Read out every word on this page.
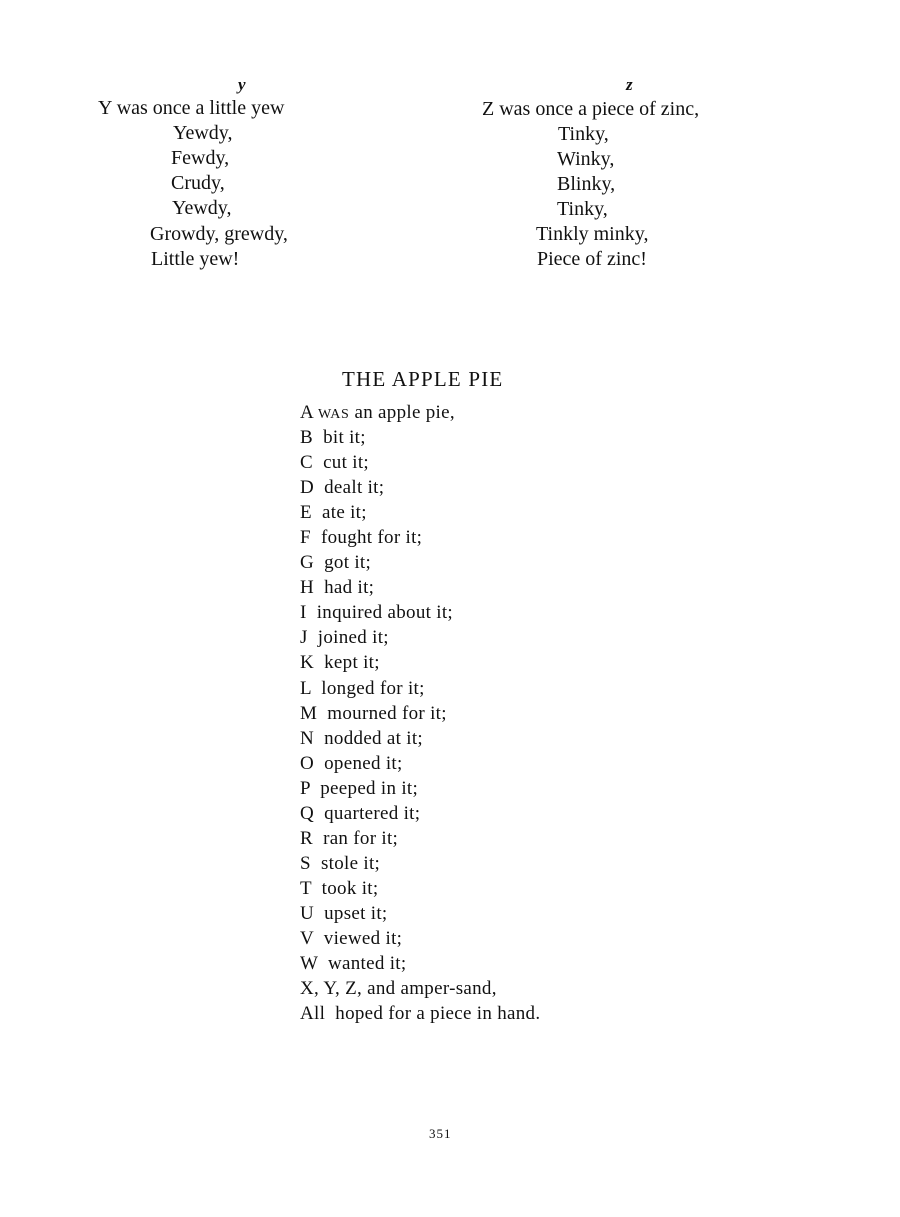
y
Y was once a little yew
Yewdy,
Fewdy,
Crudy,
Yewdy,
Growdy, grewdy,
Little yew!
z
Z was once a piece of zinc,
Tinky,
Winky,
Blinky,
Tinky,
Tinkly minky,
Piece of zinc!
THE APPLE PIE
A WAS an apple pie,
B  bit it;
C  cut it;
D  dealt it;
E  ate it;
F  fought for it;
G  got it;
H  had it;
I  inquired about it;
J  joined it;
K  kept it;
L  longed for it;
M  mourned for it;
N  nodded at it;
O  opened it;
P  peeped in it;
Q  quartered it;
R  ran for it;
S  stole it;
T  took it;
U  upset it;
V  viewed it;
W  wanted it;
X, Y, Z, and amper-sand,
All  hoped for a piece in hand.
351
